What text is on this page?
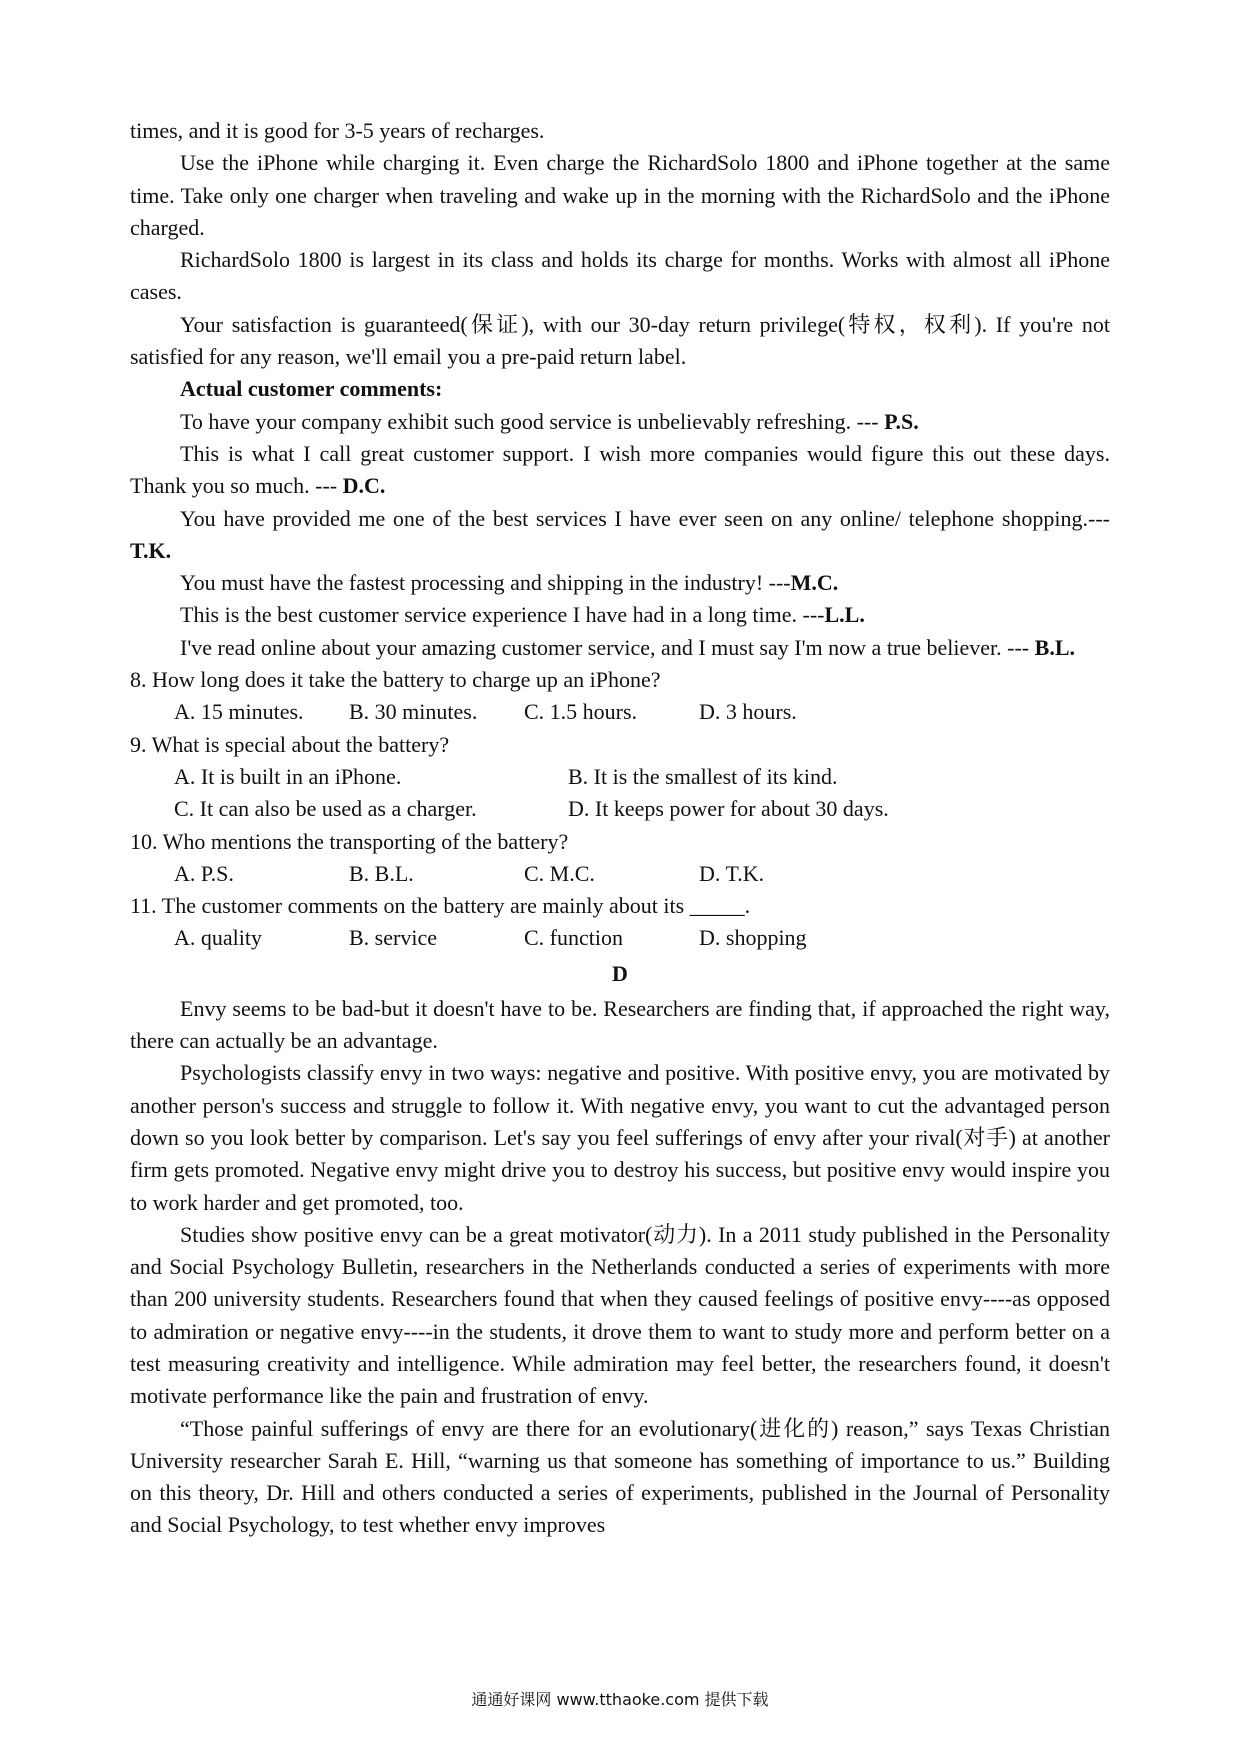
times, and it is good for 3-5 years of recharges.

Use the iPhone while charging it. Even charge the RichardSolo 1800 and iPhone together at the same time. Take only one charger when traveling and wake up in the morning with the RichardSolo and the iPhone charged.

RichardSolo 1800 is largest in its class and holds its charge for months. Works with almost all iPhone cases.

Your satisfaction is guaranteed(保证), with our 30-day return privilege(特权，权利). If you're not satisfied for any reason, we'll email you a pre-paid return label.

Actual customer comments:

To have your company exhibit such good service is unbelievably refreshing. --- P.S.

This is what I call great customer support. I wish more companies would figure this out these days. Thank you so much. --- D.C.

You have provided me one of the best services I have ever seen on any online/ telephone shopping.--- T.K.

You must have the fastest processing and shipping in the industry! ---M.C.

This is the best customer service experience I have had in a long time. ---L.L.

I've read online about your amazing customer service, and I must say I'm now a true believer. --- B.L.

8. How long does it take the battery to charge up an iPhone?

A. 15 minutes.	B. 30 minutes.	C. 1.5 hours.	D. 3 hours.

9. What is special about the battery?

A. It is built in an iPhone.	B. It is the smallest of its kind.
C. It can also be used as a charger.	D. It keeps power for about 30 days.

10. Who mentions the transporting of the battery?

A. P.S.	B. B.L.	C. M.C.	D. T.K.

11. The customer comments on the battery are mainly about its _____.

A. quality	B. service	C. function	D. shopping

D

Envy seems to be bad-but it doesn't have to be. Researchers are finding that, if approached the right way, there can actually be an advantage.

Psychologists classify envy in two ways: negative and positive. With positive envy, you are motivated by another person's success and struggle to follow it. With negative envy, you want to cut the advantaged person down so you look better by comparison. Let's say you feel sufferings of envy after your rival(对手) at another firm gets promoted. Negative envy might drive you to destroy his success, but positive envy would inspire you to work harder and get promoted, too.

Studies show positive envy can be a great motivator(动力). In a 2011 study published in the Personality and Social Psychology Bulletin, researchers in the Netherlands conducted a series of experiments with more than 200 university students. Researchers found that when they caused feelings of positive envy----as opposed to admiration or negative envy----in the students, it drove them to want to study more and perform better on a test measuring creativity and intelligence. While admiration may feel better, the researchers found, it doesn't motivate performance like the pain and frustration of envy.

“Those painful sufferings of envy are there for an evolutionary(进化的) reason,” says Texas Christian University researcher Sarah E. Hill, “warning us that someone has something of importance to us.” Building on this theory, Dr. Hill and others conducted a series of experiments, published in the Journal of Personality and Social Psychology, to test whether envy improves

通通好课网 www.tthaoke.com 提供下载
